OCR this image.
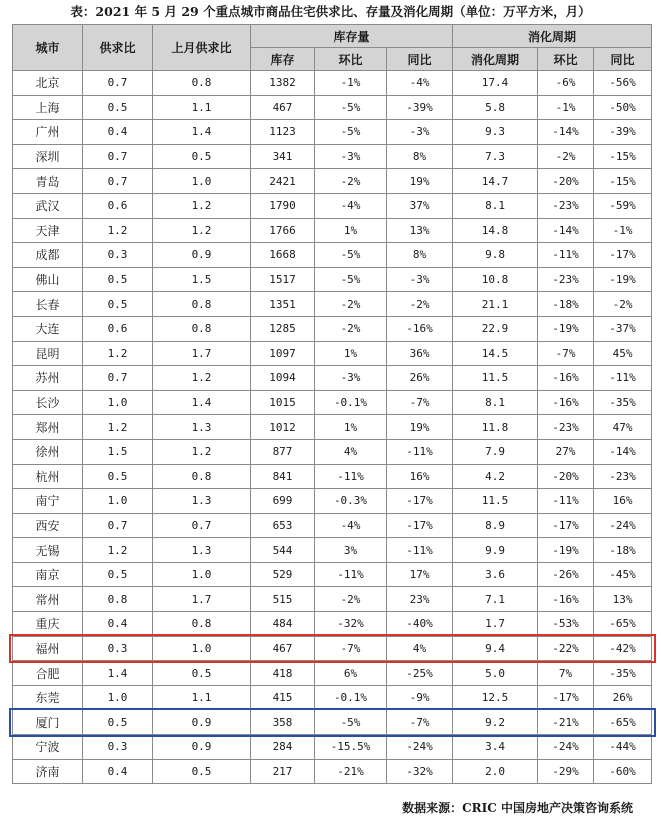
表：2021 年 5 月 29 个重点城市商品住宅供求比、存量及消化周期（单位：万平方米，月）
城市	供求比	上月供求比	库存量			消化周期		
			库存	环比	同比	消化周期	环比	同比
北京	0.7	0.8	1382	-1%	-4%	17.4	-6%	-56%
上海	0.5	1.1	467	-5%	-39%	5.8	-1%	-50%
广州	0.4	1.4	1123	-5%	-3%	9.3	-14%	-39%
深圳	0.7	0.5	341	-3%	8%	7.3	-2%	-15%
青岛	0.7	1.0	2421	-2%	19%	14.7	-20%	-15%
武汉	0.6	1.2	1790	-4%	37%	8.1	-23%	-59%
天津	1.2	1.2	1766	1%	13%	14.8	-14%	-1%
成都	0.3	0.9	1668	-5%	8%	9.8	-11%	-17%
佛山	0.5	1.5	1517	-5%	-3%	10.8	-23%	-19%
长春	0.5	0.8	1351	-2%	-2%	21.1	-18%	-2%
大连	0.6	0.8	1285	-2%	-16%	22.9	-19%	-37%
昆明	1.2	1.7	1097	1%	36%	14.5	-7%	45%
苏州	0.7	1.2	1094	-3%	26%	11.5	-16%	-11%
长沙	1.0	1.4	1015	-0.1%	-7%	8.1	-16%	-35%
郑州	1.2	1.3	1012	1%	19%	11.8	-23%	47%
徐州	1.5	1.2	877	4%	-11%	7.9	27%	-14%
杭州	0.5	0.8	841	-11%	16%	4.2	-20%	-23%
南宁	1.0	1.3	699	-0.3%	-17%	11.5	-11%	16%
西安	0.7	0.7	653	-4%	-17%	8.9	-17%	-24%
无锡	1.2	1.3	544	3%	-11%	9.9	-19%	-18%
南京	0.5	1.0	529	-11%	17%	3.6	-26%	-45%
常州	0.8	1.7	515	-2%	23%	7.1	-16%	13%
重庆	0.4	0.8	484	-32%	-40%	1.7	-53%	-65%
福州	0.3	1.0	467	-7%	4%	9.4	-22%	-42%
合肥	1.4	0.5	418	6%	-25%	5.0	7%	-35%
东莞	1.0	1.1	415	-0.1%	-9%	12.5	-17%	26%
厦门	0.5	0.9	358	-5%	-7%	9.2	-21%	-65%
宁波	0.3	0.9	284	-15.5%	-24%	3.4	-24%	-44%
济南	0.4	0.5	217	-21%	-32%	2.0	-29%	-60%
数据来源：CRIC 中国房地产决策咨询系统
